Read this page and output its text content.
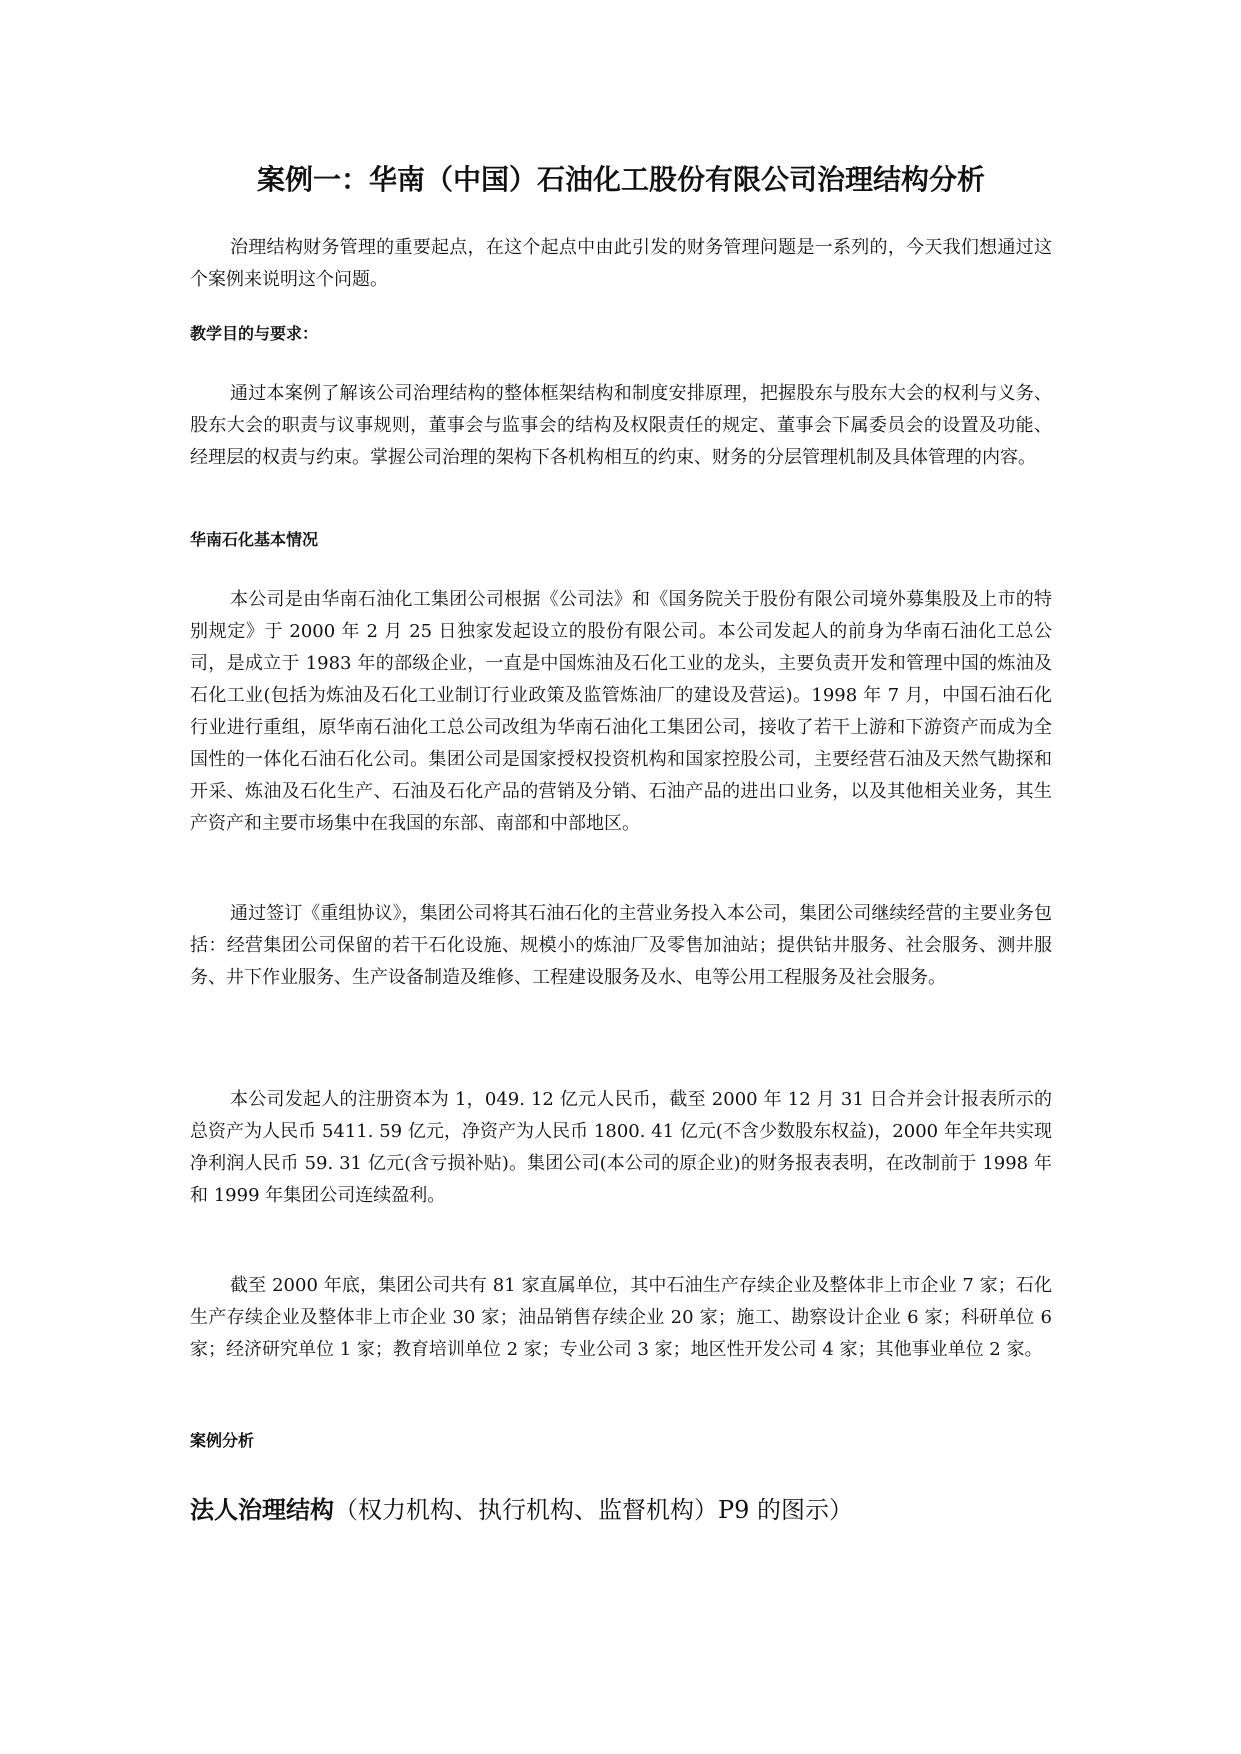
案例一：华南（中国）石油化工股份有限公司治理结构分析

治理结构财务管理的重要起点，在这个起点中由此引发的财务管理问题是一系列的，今天我们想通过这个案例来说明这个问题。

教学目的与要求：

通过本案例了解该公司治理结构的整体框架结构和制度安排原理，把握股东与股东大会的权利与义务、股东大会的职责与议事规则，董事会与监事会的结构及权限责任的规定、董事会下属委员会的设置及功能、经理层的权责与约束。掌握公司治理的架构下各机构相互的约束、财务的分层管理机制及具体管理的内容。

华南石化基本情况

本公司是由华南石油化工集团公司根据《公司法》和《国务院关于股份有限公司境外募集股及上市的特别规定》于 2000 年 2 月 25 日独家发起设立的股份有限公司。本公司发起人的前身为华南石油化工总公司，是成立于 1983 年的部级企业，一直是中国炼油及石化工业的龙头，主要负责开发和管理中国的炼油及石化工业(包括为炼油及石化工业制订行业政策及监管炼油厂的建设及营运)。1998 年 7 月，中国石油石化行业进行重组，原华南石油化工总公司改组为华南石油化工集团公司，接收了若干上游和下游资产而成为全国性的一体化石油石化公司。集团公司是国家授权投资机构和国家控股公司，主要经营石油及天然气勘探和开采、炼油及石化生产、石油及石化产品的营销及分销、石油产品的进出口业务，以及其他相关业务，其生产资产和主要市场集中在我国的东部、南部和中部地区。

通过签订《重组协议》，集团公司将其石油石化的主营业务投入本公司，集团公司继续经营的主要业务包括：经营集团公司保留的若干石化设施、规模小的炼油厂及零售加油站；提供钻井服务、社会服务、测井服务、井下作业服务、生产设备制造及维修、工程建设服务及水、电等公用工程服务及社会服务。

本公司发起人的注册资本为 1，049. 12 亿元人民币，截至 2000 年 12 月 31 日合并会计报表所示的总资产为人民币 5411. 59 亿元，净资产为人民币 1800. 41 亿元(不含少数股东权益)，2000 年全年共实现净利润人民币 59. 31 亿元(含亏损补贴)。集团公司(本公司的原企业)的财务报表表明，在改制前于 1998 年和 1999 年集团公司连续盈利。

截至 2000 年底，集团公司共有 81 家直属单位，其中石油生产存续企业及整体非上市企业 7 家；石化生产存续企业及整体非上市企业 30 家；油品销售存续企业 20 家；施工、勘察设计企业 6 家；科研单位 6 家；经济研究单位 1 家；教育培训单位 2 家；专业公司 3 家；地区性开发公司 4 家；其他事业单位 2 家。

案例分析

法人治理结构（权力机构、执行机构、监督机构）P9 的图示）
